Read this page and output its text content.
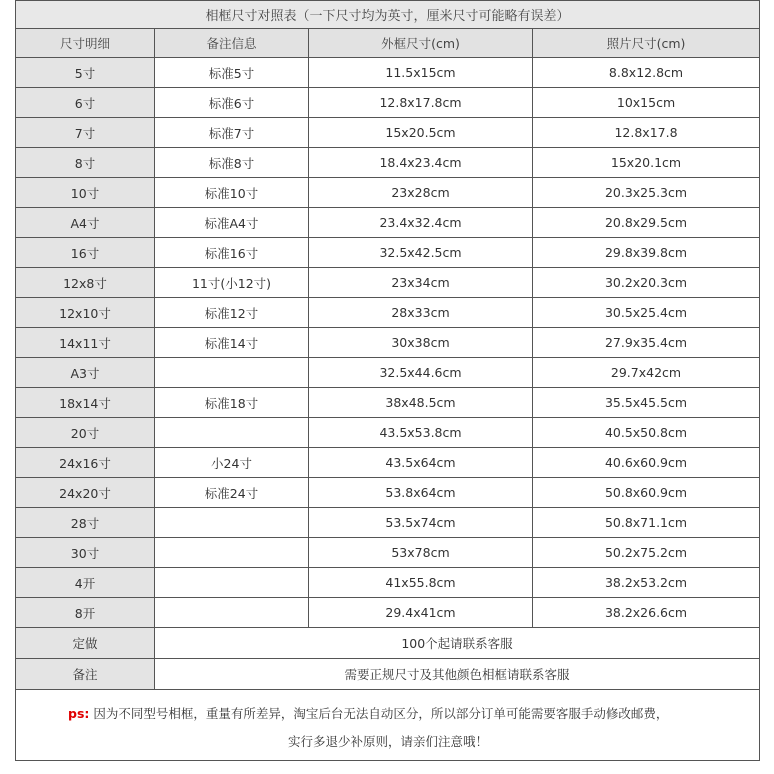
相框尺寸对照表（一下尺寸均为英寸，厘米尺寸可能略有误差）			
尺寸明细	备注信息	外框尺寸(cm)	照片尺寸(cm)
5寸	标准5寸	11.5x15cm	8.8x12.8cm
6寸	标准6寸	12.8x17.8cm	10x15cm
7寸	标准7寸	15x20.5cm	12.8x17.8
8寸	标准8寸	18.4x23.4cm	15x20.1cm
10寸	标准10寸	23x28cm	20.3x25.3cm
A4寸	标准A4寸	23.4x32.4cm	20.8x29.5cm
16寸	标准16寸	32.5x42.5cm	29.8x39.8cm
12x8寸	11寸(小12寸)	23x34cm	30.2x20.3cm
12x10寸	标准12寸	28x33cm	30.5x25.4cm
14x11寸	标准14寸	30x38cm	27.9x35.4cm
A3寸		32.5x44.6cm	29.7x42cm
18x14寸	标准18寸	38x48.5cm	35.5x45.5cm
20寸		43.5x53.8cm	40.5x50.8cm
24x16寸	小24寸	43.5x64cm	40.6x60.9cm
24x20寸	标准24寸	53.8x64cm	50.8x60.9cm
28寸		53.5x74cm	50.8x71.1cm
30寸		53x78cm	50.2x75.2cm
4开		41x55.8cm	38.2x53.2cm
8开		29.4x41cm	38.2x26.6cm
定做	100个起请联系客服		
备注	需要正规尺寸及其他颜色相框请联系客服		

ps: 因为不同型号相框，重量有所差异，淘宝后台无法自动区分，所以部分订单可能需要客服手动修改邮费，
实行多退少补原则，请亲们注意哦！			
